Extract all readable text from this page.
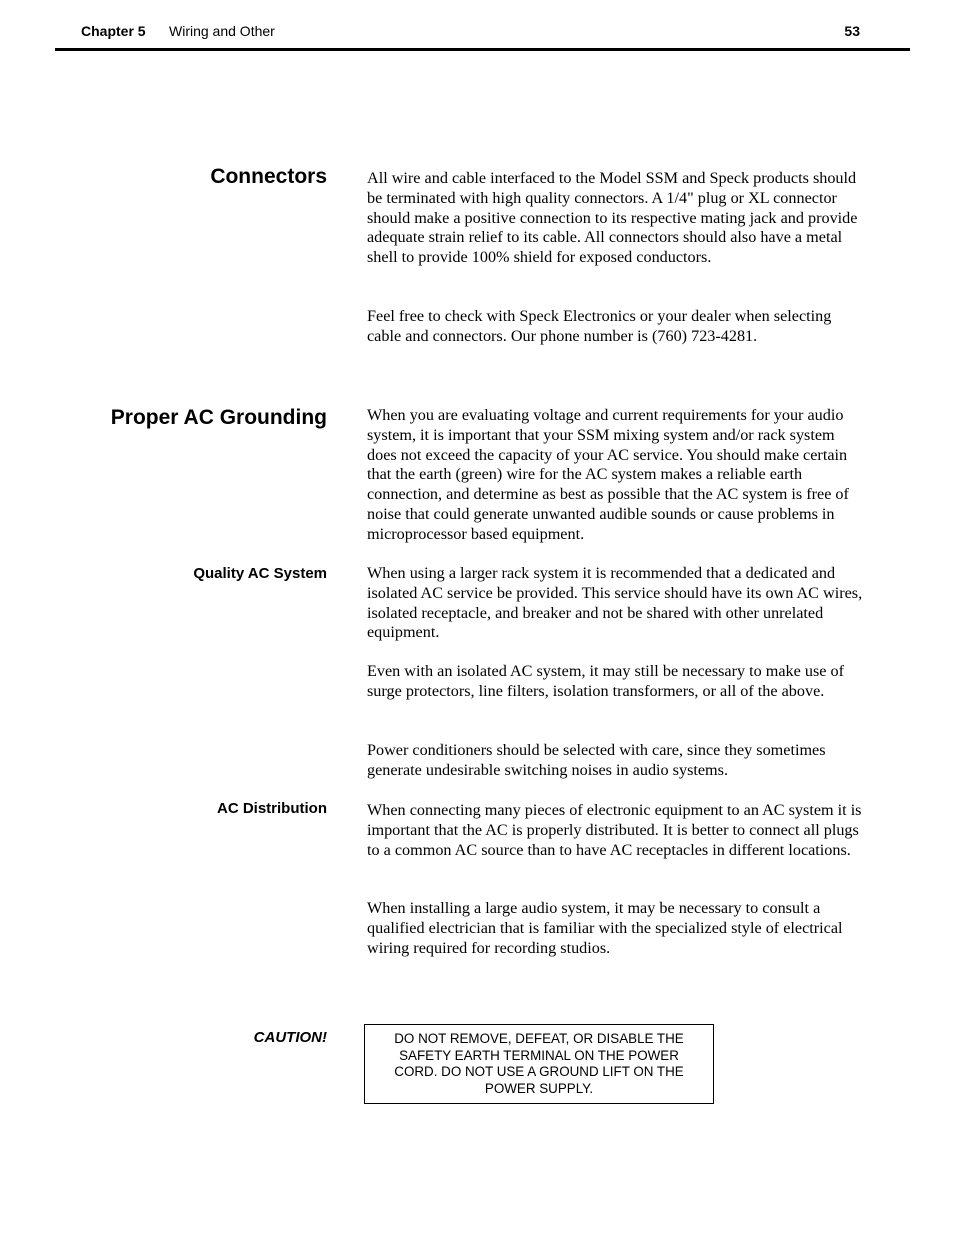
Chapter 5 Wiring and Other	53
Connectors All wire and cable interfaced to the Model SSM and Speck products should be terminated with high quality connectors. A 1/4" plug or XL connector should make a positive connection to its respective mating jack and provide adequate strain relief to its cable. All connectors should also have a metal shell to provide 100% shield for exposed conductors.
Feel free to check with Speck Electronics or your dealer when selecting cable and connectors. Our phone number is (760) 723-4281.
Proper AC Grounding When you are evaluating voltage and current requirements for your audio system, it is important that your SSM mixing system and/or rack system does not exceed the capacity of your AC service. You should make certain that the earth (green) wire for the AC system makes a reliable earth connection, and determine as best as possible that the AC system is free of noise that could generate unwanted audible sounds or cause problems in microprocessor based equipment.
Quality AC System When using a larger rack system it is recommended that a dedicated and isolated AC service be provided. This service should have its own AC wires, isolated receptacle, and breaker and not be shared with other unrelated equipment.
Even with an isolated AC system, it may still be necessary to make use of surge protectors, line filters, isolation transformers, or all of the above.
Power conditioners should be selected with care, since they sometimes generate undesirable switching noises in audio systems.
AC Distribution When connecting many pieces of electronic equipment to an AC system it is important that the AC is properly distributed. It is better to connect all plugs to a common AC source than to have AC receptacles in different locations.
When installing a large audio system, it may be necessary to consult a qualified electrician that is familiar with the specialized style of electrical wiring required for recording studios.
CAUTION!	DO NOT REMOVE, DEFEAT, OR DISABLE THE SAFETY EARTH TERMINAL ON THE POWER CORD. DO NOT USE A GROUND LIFT ON THE POWER SUPPLY.
